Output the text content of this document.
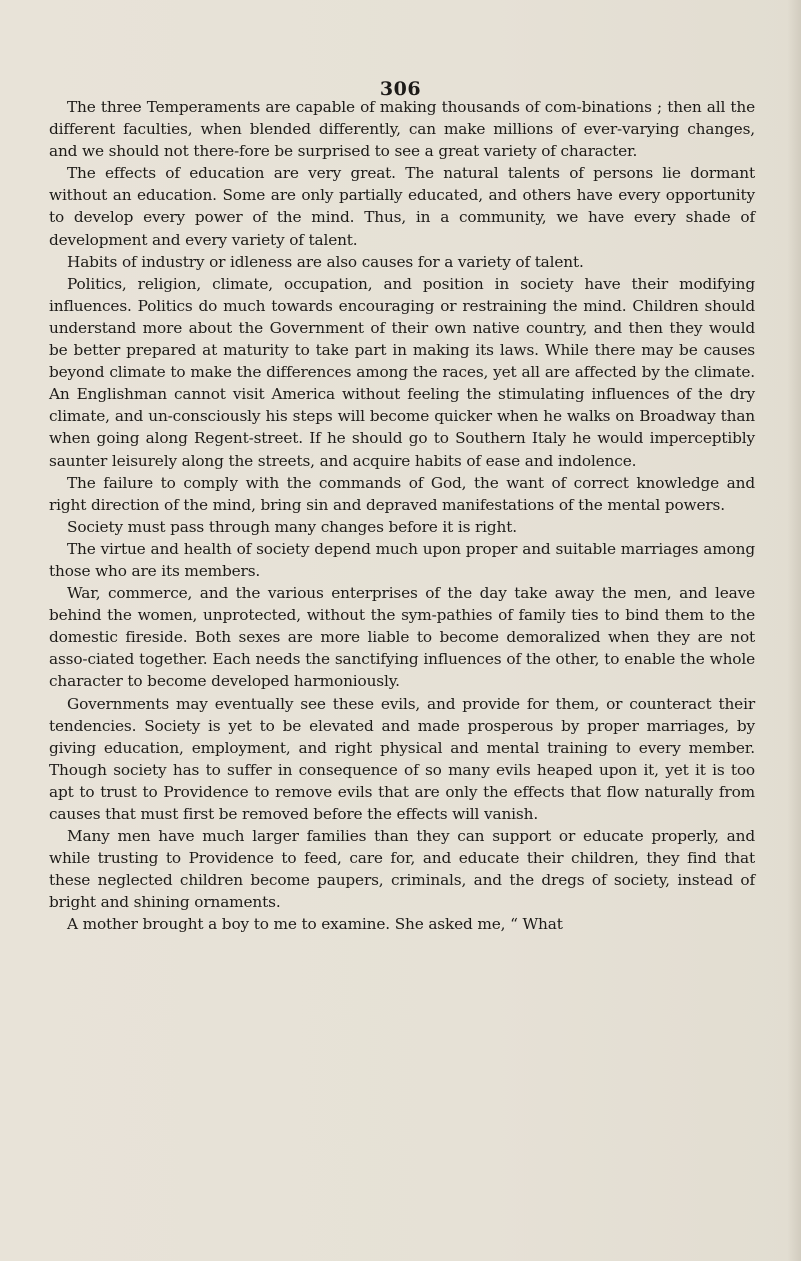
306

The three Temperaments are capable of making thousands of com-binations ; then all the different faculties, when blended differently, can make millions of ever-varying changes, and we should not there-fore be surprised to see a great variety of character.

The effects of education are very great. The natural talents of persons lie dormant without an education. Some are only partially educated, and others have every opportunity to develop every power of the mind. Thus, in a community, we have every shade of development and every variety of talent.

Habits of industry or idleness are also causes for a variety of talent.

Politics, religion, climate, occupation, and position in society have their modifying influences. Politics do much towards encouraging or restraining the mind. Children should understand more about the Government of their own native country, and then they would be better prepared at maturity to take part in making its laws. While there may be causes beyond climate to make the differences among the races, yet all are affected by the climate. An Englishman cannot visit America without feeling the stimulating influences of the dry climate, and un-consciously his steps will become quicker when he walks on Broadway than when going along Regent-street. If he should go to Southern Italy he would imperceptibly saunter leisurely along the streets, and acquire habits of ease and indolence.

The failure to comply with the commands of God, the want of correct knowledge and right direction of the mind, bring sin and depraved manifestations of the mental powers.

Society must pass through many changes before it is right.

The virtue and health of society depend much upon proper and suitable marriages among those who are its members.

War, commerce, and the various enterprises of the day take away the men, and leave behind the women, unprotected, without the sym-pathies of family ties to bind them to the domestic fireside. Both sexes are more liable to become demoralized when they are not asso-ciated together. Each needs the sanctifying influences of the other, to enable the whole character to become developed harmoniously.

Governments may eventually see these evils, and provide for them, or counteract their tendencies. Society is yet to be elevated and made prosperous by proper marriages, by giving education, employment, and right physical and mental training to every member. Though society has to suffer in consequence of so many evils heaped upon it, yet it is too apt to trust to Providence to remove evils that are only the effects that flow naturally from causes that must first be removed before the effects will vanish.

Many men have much larger families than they can support or educate properly, and while trusting to Providence to feed, care for, and educate their children, they find that these neglected children become paupers, criminals, and the dregs of society, instead of bright and shining ornaments.

A mother brought a boy to me to examine. She asked me, “ What
